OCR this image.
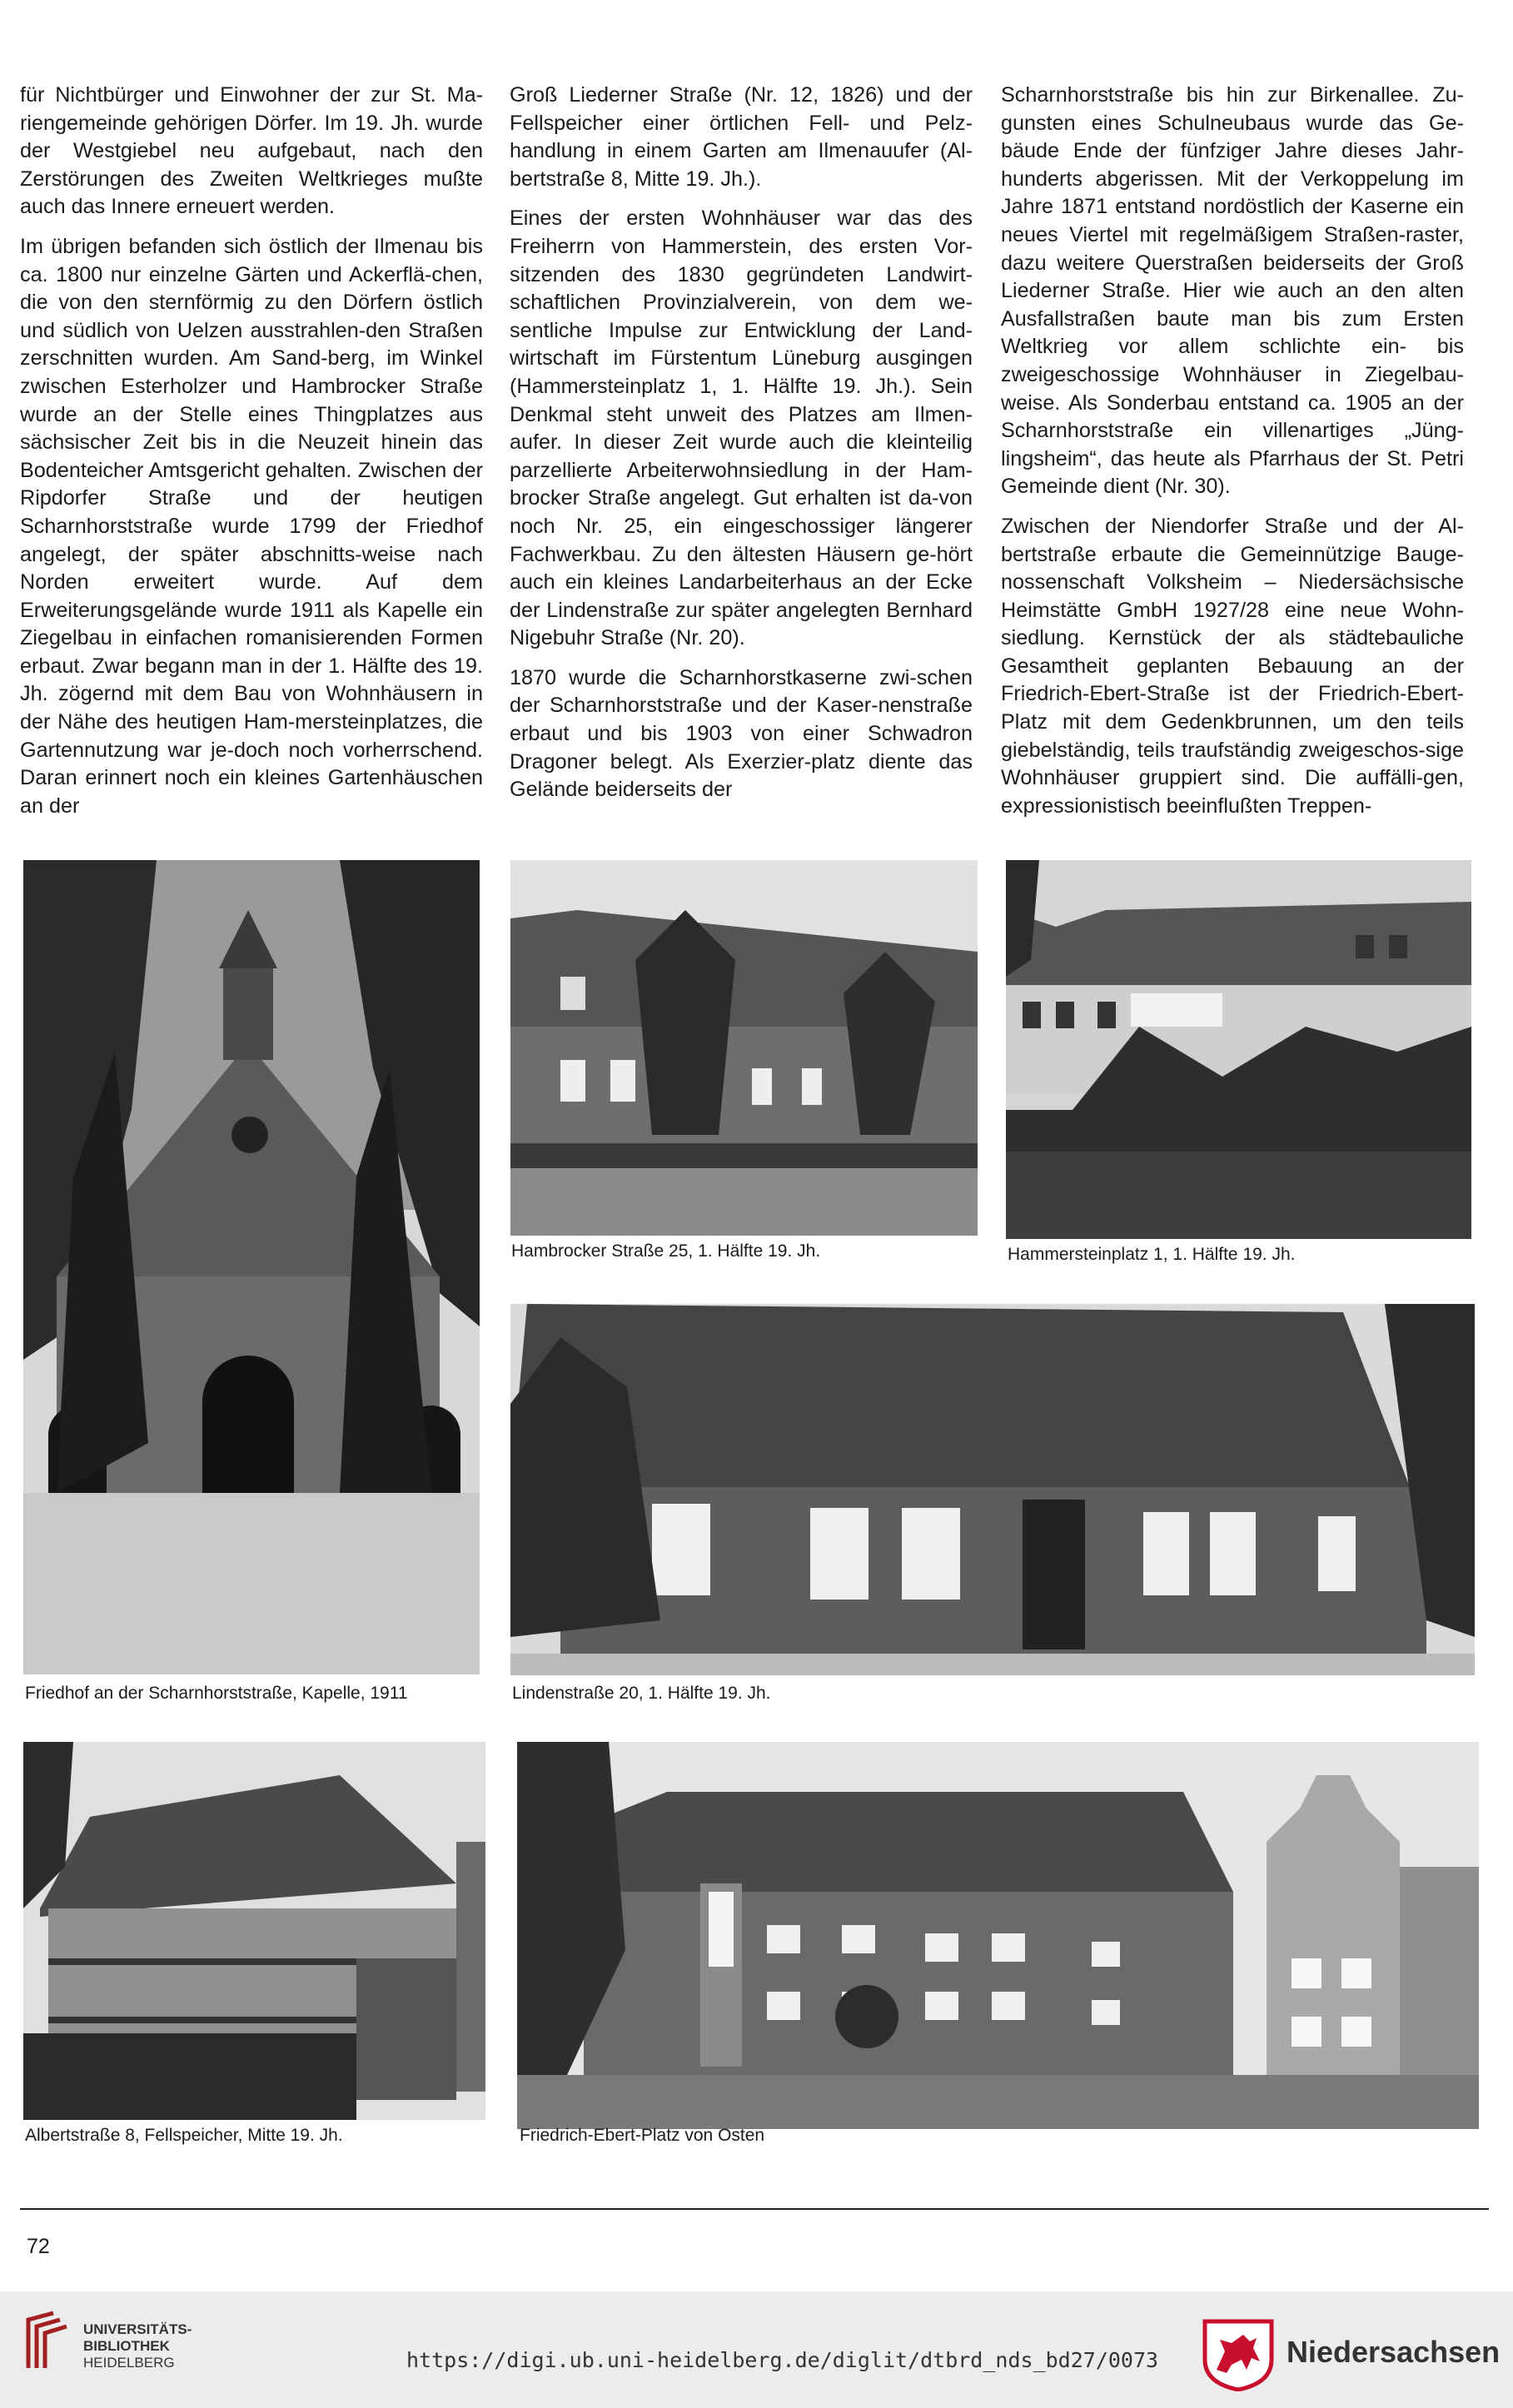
für Nichtbürger und Einwohner der zur St. Ma-riengemeinde gehörigen Dörfer. Im 19. Jh. wurde der Westgiebel neu aufgebaut, nach den Zerstörungen des Zweiten Weltkrieges mußte auch das Innere erneuert werden.

Im übrigen befanden sich östlich der Ilmenau bis ca. 1800 nur einzelne Gärten und Ackerflä-chen, die von den sternförmig zu den Dörfern östlich und südlich von Uelzen ausstrahlen-den Straßen zerschnitten wurden. Am Sand-berg, im Winkel zwischen Esterholzer und Hambrocker Straße wurde an der Stelle eines Thingplatzes aus sächsischer Zeit bis in die Neuzeit hinein das Bodenteicher Amtsgericht gehalten. Zwischen der Ripdorfer Straße und der heutigen Scharnhorststraße wurde 1799 der Friedhof angelegt, der später abschnitts-weise nach Norden erweitert wurde. Auf dem Erweiterungsgelände wurde 1911 als Kapelle ein Ziegelbau in einfachen romanisierenden Formen erbaut. Zwar begann man in der 1. Hälfte des 19. Jh. zögernd mit dem Bau von Wohnhäusern in der Nähe des heutigen Ham-mersteinplatzes, die Gartennutzung war je-doch noch vorherrschend. Daran erinnert noch ein kleines Gartenhäuschen an der

Groß Liederner Straße (Nr. 12, 1826) und der Fellspeicher einer örtlichen Fell- und Pelz-handlung in einem Garten am Ilmenauufer (Al-bertstraße 8, Mitte 19. Jh.).

Eines der ersten Wohnhäuser war das des Freiherrn von Hammerstein, des ersten Vor-sitzenden des 1830 gegründeten Landwirt-schaftlichen Provinzialverein, von dem we-sentliche Impulse zur Entwicklung der Land-wirtschaft im Fürstentum Lüneburg ausgingen (Hammersteinplatz 1, 1. Hälfte 19. Jh.). Sein Denkmal steht unweit des Platzes am Ilmen-aufer. In dieser Zeit wurde auch die kleinteilig parzellierte Arbeiterwohnsiedlung in der Ham-brocker Straße angelegt. Gut erhalten ist da-von noch Nr. 25, ein eingeschossiger längerer Fachwerkbau. Zu den ältesten Häusern ge-hört auch ein kleines Landarbeiterhaus an der Ecke der Lindenstraße zur später angelegten Bernhard Nigebuhr Straße (Nr. 20).

1870 wurde die Scharnhorstkaserne zwi-schen der Scharnhorststraße und der Kaser-nenstraße erbaut und bis 1903 von einer Schwadron Dragoner belegt. Als Exerzier-platz diente das Gelände beiderseits der

Scharnhorststraße bis hin zur Birkenallee. Zu-gunsten eines Schulneubaus wurde das Ge-bäude Ende der fünfziger Jahre dieses Jahr-hunderts abgerissen. Mit der Verkoppelung im Jahre 1871 entstand nordöstlich der Kaserne ein neues Viertel mit regelmäßigem Straßen-raster, dazu weitere Querstraßen beiderseits der Groß Liederner Straße. Hier wie auch an den alten Ausfallstraßen baute man bis zum Ersten Weltkrieg vor allem schlichte ein- bis zweigeschossige Wohnhäuser in Ziegelbau-weise. Als Sonderbau entstand ca. 1905 an der Scharnhorststraße ein villenartiges „Jüng-lingsheim“, das heute als Pfarrhaus der St. Petri Gemeinde dient (Nr. 30).

Zwischen der Niendorfer Straße und der Al-bertstraße erbaute die Gemeinnützige Bauge-nossenschaft Volksheim – Niedersächsische Heimstätte GmbH 1927/28 eine neue Wohn-siedlung. Kernstück der als städtebauliche Gesamtheit geplanten Bebauung an der Friedrich-Ebert-Straße ist der Friedrich-Ebert-Platz mit dem Gedenkbrunnen, um den teils giebelständig, teils traufständig zweigeschos-sige Wohnhäuser gruppiert sind. Die auffälli-gen, expressionistisch beeinflußten Treppen-

Friedhof an der Scharnhorststraße, Kapelle, 1911
Hambrocker Straße 25, 1. Hälfte 19. Jh.	Hammersteinplatz 1, 1. Hälfte 19. Jh.
Lindenstraße 20, 1. Hälfte 19. Jh.
Albertstraße 8, Fellspeicher, Mitte 19. Jh.	Friedrich-Ebert-Platz von Osten
72
UNIVERSITÄTS-
BIBLIOTHEK
HEIDELBERG	https://digi.ub.uni-heidelberg.de/diglit/dtbrd_nds_bd27/0073	Niedersachsen
